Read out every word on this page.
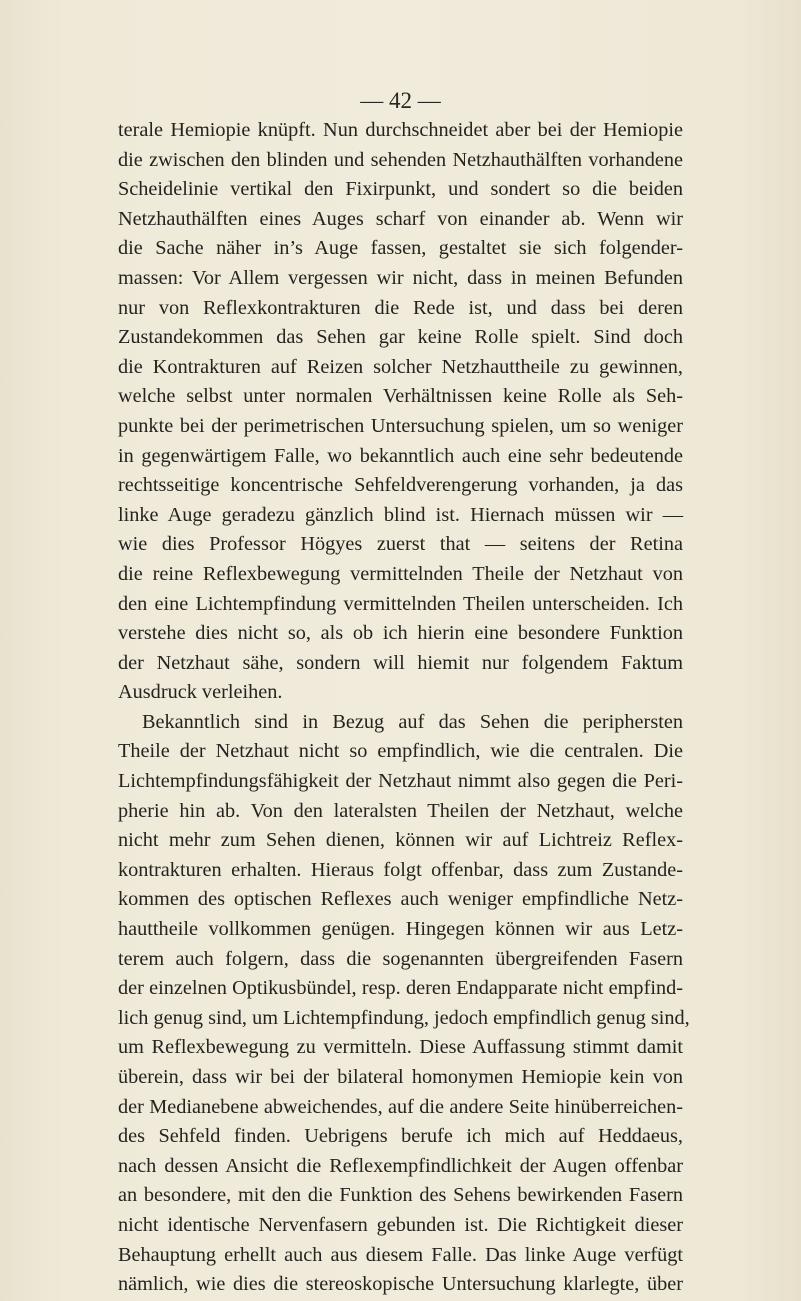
— 42 —
terale Hemiopie knüpft. Nun durchschneidet aber bei der Hemiopie
die zwischen den blinden und sehenden Netzhauthälften vorhandene
Scheidelinie vertikal den Fixirpunkt, und sondert so die beiden
Netzhauthälften eines Auges scharf von einander ab. Wenn wir
die Sache näher in’s Auge fassen, gestaltet sie sich folgender-
massen: Vor Allem vergessen wir nicht, dass in meinen Befunden
nur von Reflexkontrakturen die Rede ist, und dass bei deren
Zustandekommen das Sehen gar keine Rolle spielt. Sind doch
die Kontrakturen auf Reizen solcher Netzhauttheile zu gewinnen,
welche selbst unter normalen Verhältnissen keine Rolle als Seh-
punkte bei der perimetrischen Untersuchung spielen, um so weniger
in gegenwärtigem Falle, wo bekanntlich auch eine sehr bedeutende
rechtsseitige koncentrische Sehfeldverengerung vorhanden, ja das
linke Auge geradezu gänzlich blind ist. Hiernach müssen wir —
wie dies Professor Högyes zuerst that — seitens der Retina
die reine Reflexbewegung vermittelnden Theile der Netzhaut von
den eine Lichtempfindung vermittelnden Theilen unterscheiden. Ich
verstehe dies nicht so, als ob ich hierin eine besondere Funktion
der Netzhaut sähe, sondern will hiemit nur folgendem Faktum
Ausdruck verleihen.
Bekanntlich sind in Bezug auf das Sehen die periphersten
Theile der Netzhaut nicht so empfindlich, wie die centralen. Die
Lichtempfindungsfähigkeit der Netzhaut nimmt also gegen die Peri-
pherie hin ab. Von den lateralsten Theilen der Netzhaut, welche
nicht mehr zum Sehen dienen, können wir auf Lichtreiz Reflex-
kontrakturen erhalten. Hieraus folgt offenbar, dass zum Zustande-
kommen des optischen Reflexes auch weniger empfindliche Netz-
hauttheile vollkommen genügen. Hingegen können wir aus Letz-
terem auch folgern, dass die sogenannten übergreifenden Fasern
der einzelnen Optikusbündel, resp. deren Endapparate nicht empfind-
lich genug sind, um Lichtempfindung, jedoch empfindlich genug sind,
um Reflexbewegung zu vermitteln. Diese Auffassung stimmt damit
überein, dass wir bei der bilateral homonymen Hemiopie kein von
der Medianebene abweichendes, auf die andere Seite hinüberreichen-
des Sehfeld finden. Uebrigens berufe ich mich auf Heddaeus,
nach dessen Ansicht die Reflexempfindlichkeit der Augen offenbar
an besondere, mit den die Funktion des Sehens bewirkenden Fasern
nicht identische Nervenfasern gebunden ist. Die Richtigkeit dieser
Behauptung erhellt auch aus diesem Falle. Das linke Auge verfügt
nämlich, wie dies die stereoskopische Untersuchung klarlegte, über
